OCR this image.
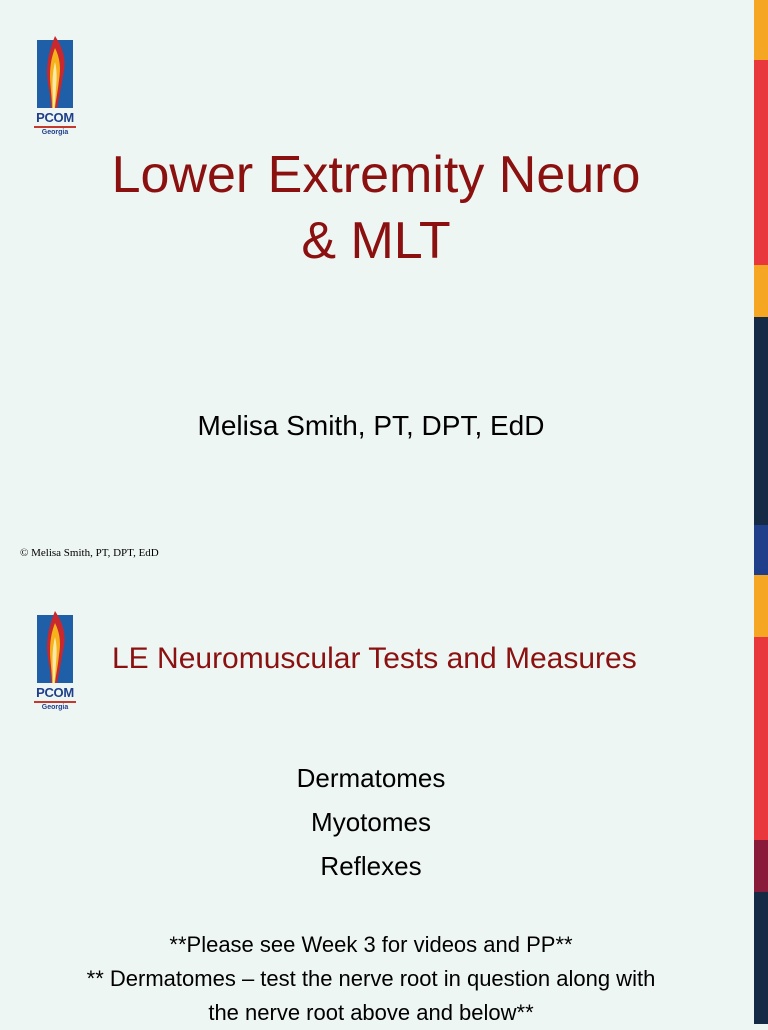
PCOM
Georgia
Lower Extremity Neuro
& MLT
Melisa Smith, PT, DPT, EdD
© Melisa Smith, PT, DPT, EdD
PCOM
Georgia
LE Neuromuscular Tests and Measures
Dermatomes
Myotomes
Reflexes
**Please see Week 3 for videos and PP**
** Dermatomes – test the nerve root in question along with
the nerve root above and below**
